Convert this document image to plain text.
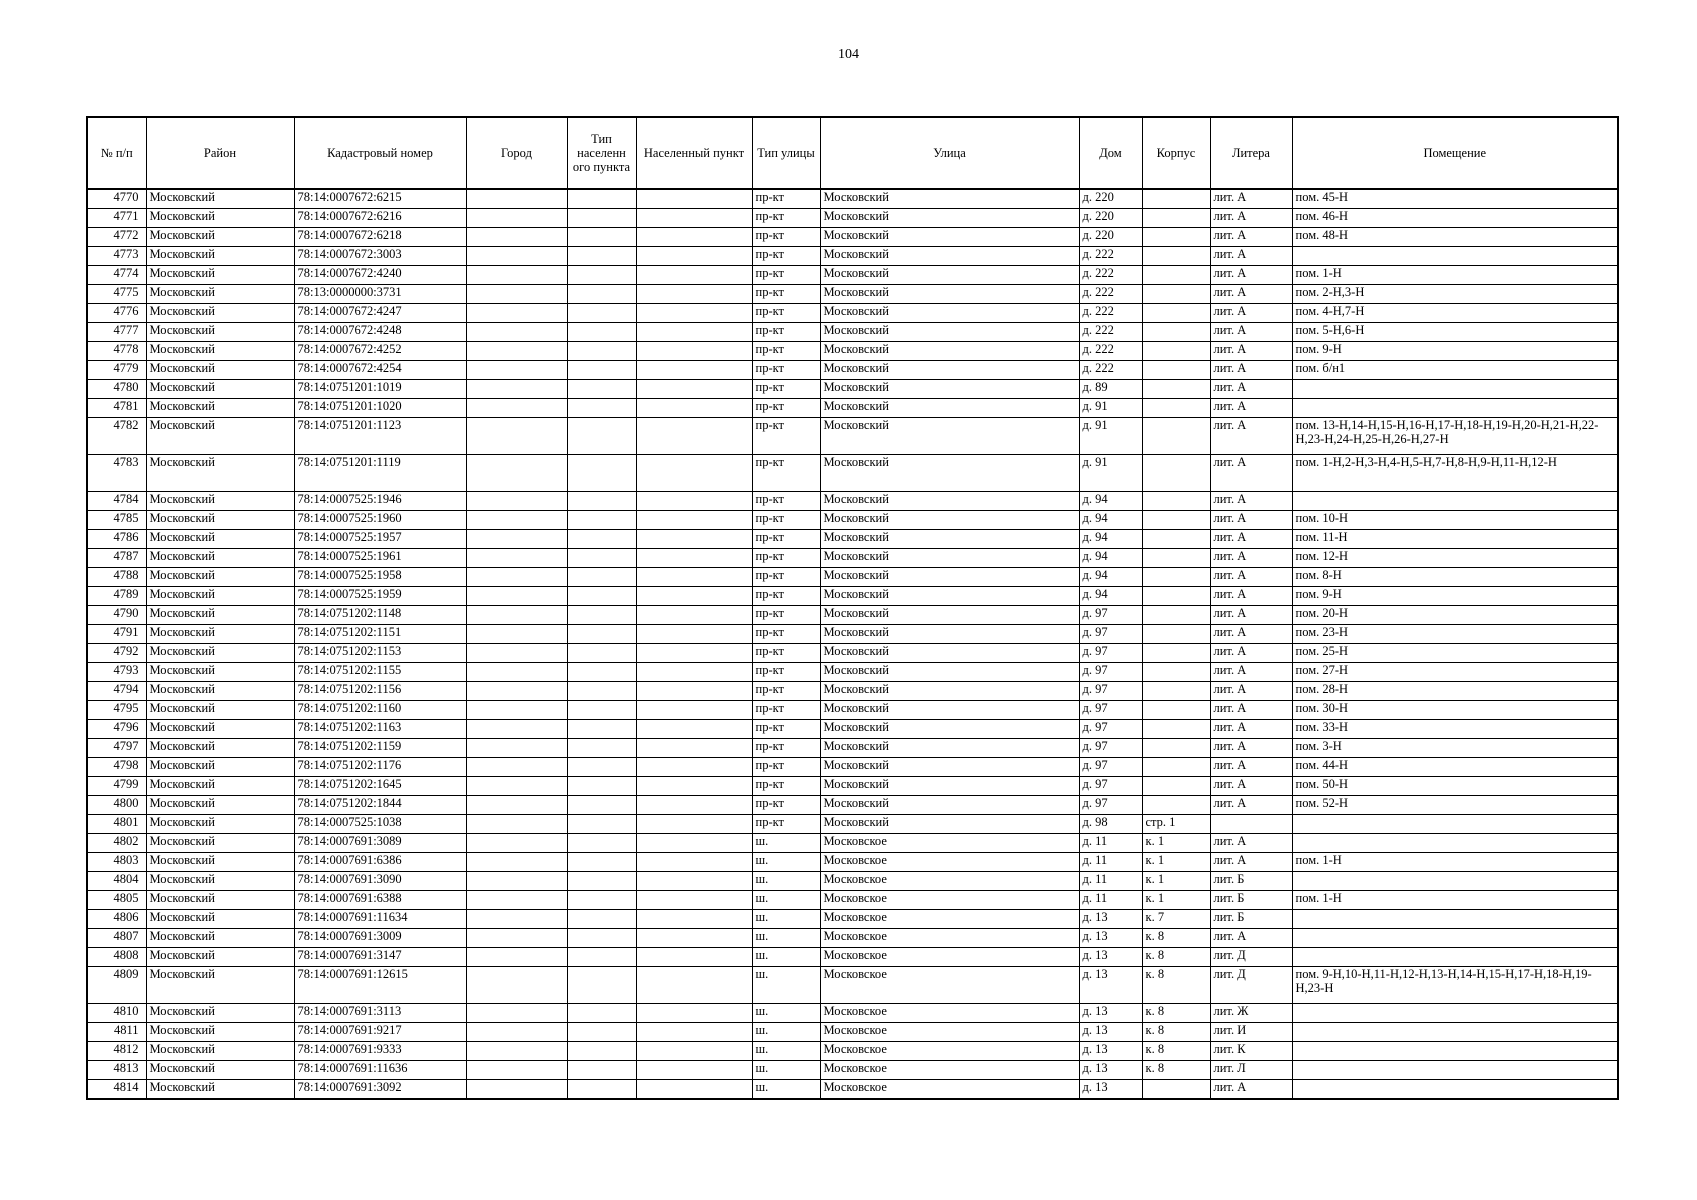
104
№ п/п	Район	Кадастровый номер	Город	Тип населенн ого пункта	Населенный пункт	Тип улицы	Улица	Дом	Корпус	Литера	Помещение
4770	Московский	78:14:0007672:6215				пр-кт	Московский	д. 220		лит. А	пом. 45-Н
4771	Московский	78:14:0007672:6216				пр-кт	Московский	д. 220		лит. А	пом. 46-Н
4772	Московский	78:14:0007672:6218				пр-кт	Московский	д. 220		лит. А	пом. 48-Н
4773	Московский	78:14:0007672:3003				пр-кт	Московский	д. 222		лит. А	
4774	Московский	78:14:0007672:4240				пр-кт	Московский	д. 222		лит. А	пом. 1-Н
4775	Московский	78:13:0000000:3731				пр-кт	Московский	д. 222		лит. А	пом. 2-Н,3-Н
4776	Московский	78:14:0007672:4247				пр-кт	Московский	д. 222		лит. А	пом. 4-Н,7-Н
4777	Московский	78:14:0007672:4248				пр-кт	Московский	д. 222		лит. А	пом. 5-Н,6-Н
4778	Московский	78:14:0007672:4252				пр-кт	Московский	д. 222		лит. А	пом. 9-Н
4779	Московский	78:14:0007672:4254				пр-кт	Московский	д. 222		лит. А	пом. б/н1
4780	Московский	78:14:0751201:1019				пр-кт	Московский	д. 89		лит. А	
4781	Московский	78:14:0751201:1020				пр-кт	Московский	д. 91		лит. А	
4782	Московский	78:14:0751201:1123				пр-кт	Московский	д. 91		лит. А	пом. 13-Н,14-Н,15-Н,16-Н,17-Н,18-Н,19-Н,20-Н,21-Н,22-Н,23-Н,24-Н,25-Н,26-Н,27-Н
4783	Московский	78:14:0751201:1119				пр-кт	Московский	д. 91		лит. А	пом. 1-Н,2-Н,3-Н,4-Н,5-Н,7-Н,8-Н,9-Н,11-Н,12-Н
4784	Московский	78:14:0007525:1946				пр-кт	Московский	д. 94		лит. А	
4785	Московский	78:14:0007525:1960				пр-кт	Московский	д. 94		лит. А	пом. 10-Н
4786	Московский	78:14:0007525:1957				пр-кт	Московский	д. 94		лит. А	пом. 11-Н
4787	Московский	78:14:0007525:1961				пр-кт	Московский	д. 94		лит. А	пом. 12-Н
4788	Московский	78:14:0007525:1958				пр-кт	Московский	д. 94		лит. А	пом. 8-Н
4789	Московский	78:14:0007525:1959				пр-кт	Московский	д. 94		лит. А	пом. 9-Н
4790	Московский	78:14:0751202:1148				пр-кт	Московский	д. 97		лит. А	пом. 20-Н
4791	Московский	78:14:0751202:1151				пр-кт	Московский	д. 97		лит. А	пом. 23-Н
4792	Московский	78:14:0751202:1153				пр-кт	Московский	д. 97		лит. А	пом. 25-Н
4793	Московский	78:14:0751202:1155				пр-кт	Московский	д. 97		лит. А	пом. 27-Н
4794	Московский	78:14:0751202:1156				пр-кт	Московский	д. 97		лит. А	пом. 28-Н
4795	Московский	78:14:0751202:1160				пр-кт	Московский	д. 97		лит. А	пом. 30-Н
4796	Московский	78:14:0751202:1163				пр-кт	Московский	д. 97		лит. А	пом. 33-Н
4797	Московский	78:14:0751202:1159				пр-кт	Московский	д. 97		лит. А	пом. 3-Н
4798	Московский	78:14:0751202:1176				пр-кт	Московский	д. 97		лит. А	пом. 44-Н
4799	Московский	78:14:0751202:1645				пр-кт	Московский	д. 97		лит. А	пом. 50-Н
4800	Московский	78:14:0751202:1844				пр-кт	Московский	д. 97		лит. А	пом. 52-Н
4801	Московский	78:14:0007525:1038				пр-кт	Московский	д. 98	стр. 1		
4802	Московский	78:14:0007691:3089				ш.	Московское	д. 11	к. 1	лит. А	
4803	Московский	78:14:0007691:6386				ш.	Московское	д. 11	к. 1	лит. А	пом. 1-Н
4804	Московский	78:14:0007691:3090				ш.	Московское	д. 11	к. 1	лит. Б	
4805	Московский	78:14:0007691:6388				ш.	Московское	д. 11	к. 1	лит. Б	пом. 1-Н
4806	Московский	78:14:0007691:11634				ш.	Московское	д. 13	к. 7	лит. Б	
4807	Московский	78:14:0007691:3009				ш.	Московское	д. 13	к. 8	лит. А	
4808	Московский	78:14:0007691:3147				ш.	Московское	д. 13	к. 8	лит. Д	
4809	Московский	78:14:0007691:12615				ш.	Московское	д. 13	к. 8	лит. Д	пом. 9-Н,10-Н,11-Н,12-Н,13-Н,14-Н,15-Н,17-Н,18-Н,19-Н,23-Н
4810	Московский	78:14:0007691:3113				ш.	Московское	д. 13	к. 8	лит. Ж	
4811	Московский	78:14:0007691:9217				ш.	Московское	д. 13	к. 8	лит. И	
4812	Московский	78:14:0007691:9333				ш.	Московское	д. 13	к. 8	лит. К	
4813	Московский	78:14:0007691:11636				ш.	Московское	д. 13	к. 8	лит. Л	
4814	Московский	78:14:0007691:3092				ш.	Московское	д. 13		лит. А	
